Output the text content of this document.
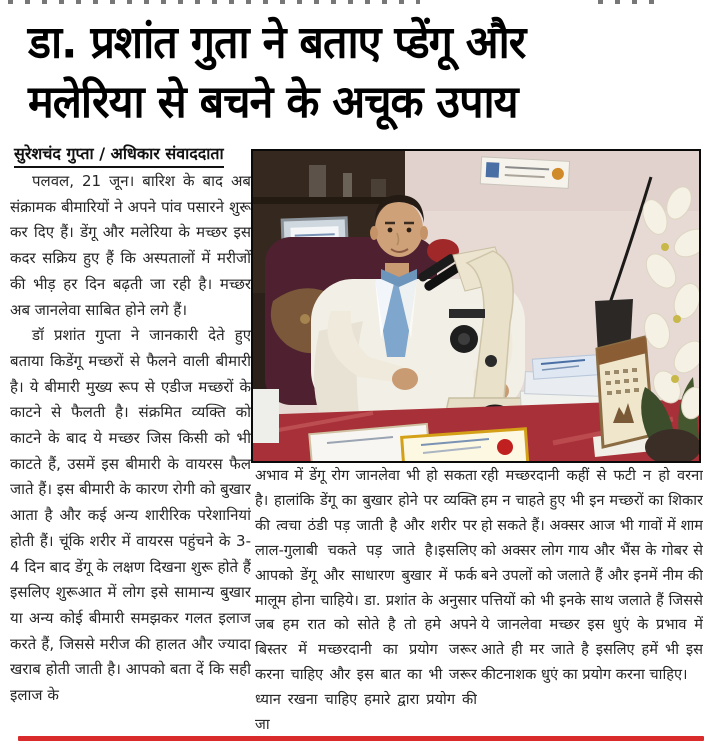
डा. प्रशांत गुता ने बताए प्डेंगू और
मलेरिया से बचने के अचूक उपाय
सुरेशचंद गुप्ता / अधिकार संवाददाता

पलवल, 21 जून। बारिश के बाद अब संक्रामक बीमारियों ने अपने पांव पसारने शुरू कर दिए हैं। डेंगू और मलेरिया के मच्छर इस कदर सक्रिय हुए हैं कि अस्पतालों में मरीजों की भीड़ हर दिन बढ़ती जा रही है। मच्छर अब जानलेवा साबित होने लगे हैं।

डॉ प्रशांत गुप्ता ने जानकारी देते हुए बताया किडेंगू मच्छरों से फैलने वाली बीमारी है। ये बीमारी मुख्य रूप से एडीज मच्छरों के काटने से फैलती है। संक्रमित व्यक्ति को काटने के बाद ये मच्छर जिस किसी को भी काटते हैं, उसमें इस बीमारी के वायरस फैल जाते हैं। इस बीमारी के कारण रोगी को बुखार आता है और कई अन्य शारीरिक परेशानियां होती हैं। चूंकि शरीर में वायरस पहुंचने के 3-4 दिन बाद डेंगू के लक्षण दिखना शुरू होते हैं इसलिए शुरूआत में लोग इसे सामान्य बुखार या अन्य कोई बीमारी समझकर गलत इलाज करते हैं, जिससे मरीज की हालत और ज्यादा खराब होती जाती है। आपको बता दें कि सही इलाज के

अभाव में डेंगू रोग जानलेवा भी हो सकता है। हालांकि डेंगू का बुखार होने पर व्यक्ति की त्वचा ठंडी पड़ जाती है और शरीर पर लाल-गुलाबी चकते पड़ जाते है।इसलिए आपको डेंगू और साधारण बुखार में फर्क मालूम होना चाहिये। डा. प्रशांत के अनुसार जब हम रात को सोते है तो हमे अपने बिस्तर में मच्छरदानी का प्रयोग जरूर करना चाहिए और इस बात का भी जरूर ध्यान रखना चाहिए हमारे द्वारा प्रयोग की जा

रही मच्छरदानी कहीं से फटी न हो वरना हम न चाहते हुए भी इन मच्छरों का शिकार हो सकते हैं। अक्सर आज भी गावों में शाम को अक्सर लोग गाय और भैंस के गोबर से बने उपलों को जलाते हैं और इनमें नीम की पत्तियों को भी इनके साथ जलाते हैं जिससे ये जानलेवा मच्छर इस धुएं के प्रभाव में आते ही मर जाते है इसलिए हमें भी इस कीटनाशक धुएं का प्रयोग करना चाहिए।
